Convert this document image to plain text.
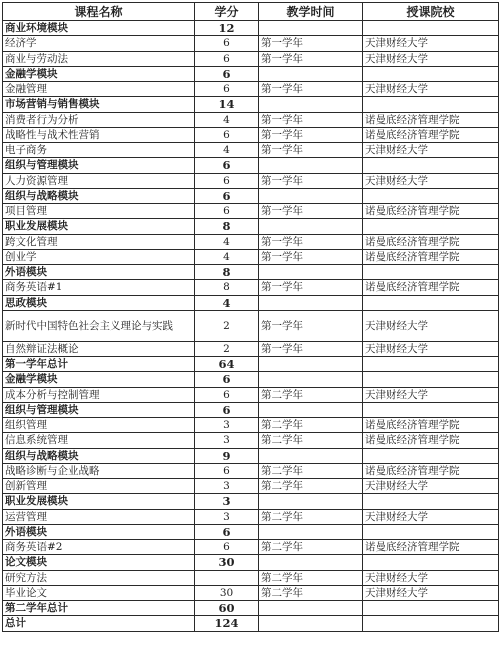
课程名称	学分	教学时间	授课院校
商业环境模块	12		
经济学	6	第一学年	天津财经大学
商业与劳动法	6	第一学年	天津财经大学
金融学模块	6		
金融管理	6	第一学年	天津财经大学
市场营销与销售模块	14		
消费者行为分析	4	第一学年	诺曼底经济管理学院
战略性与战术性营销	6	第一学年	诺曼底经济管理学院
电子商务	4	第一学年	天津财经大学
组织与管理模块	6		
人力资源管理	6	第一学年	天津财经大学
组织与战略模块	6		
项目管理	6	第一学年	诺曼底经济管理学院
职业发展模块	8		
跨文化管理	4	第一学年	诺曼底经济管理学院
创业学	4	第一学年	诺曼底经济管理学院
外语模块	8		
商务英语#1	8	第一学年	诺曼底经济管理学院
思政模块	4		
新时代中国特色社会主义理论与实践	2	第一学年	天津财经大学
自然辩证法概论	2	第一学年	天津财经大学
第一学年总计	64		
金融学模块	6		
成本分析与控制管理	6	第二学年	天津财经大学
组织与管理模块	6		
组织管理	3	第二学年	诺曼底经济管理学院
信息系统管理	3	第二学年	诺曼底经济管理学院
组织与战略模块	9		
战略诊断与企业战略	6	第二学年	诺曼底经济管理学院
创新管理	3	第二学年	天津财经大学
职业发展模块	3		
运营管理	3	第二学年	天津财经大学
外语模块	6		
商务英语#2	6	第二学年	诺曼底经济管理学院
论文模块	30		
研究方法		第二学年	天津财经大学
毕业论文	30	第二学年	天津财经大学
第二学年总计	60		
总计	124		
